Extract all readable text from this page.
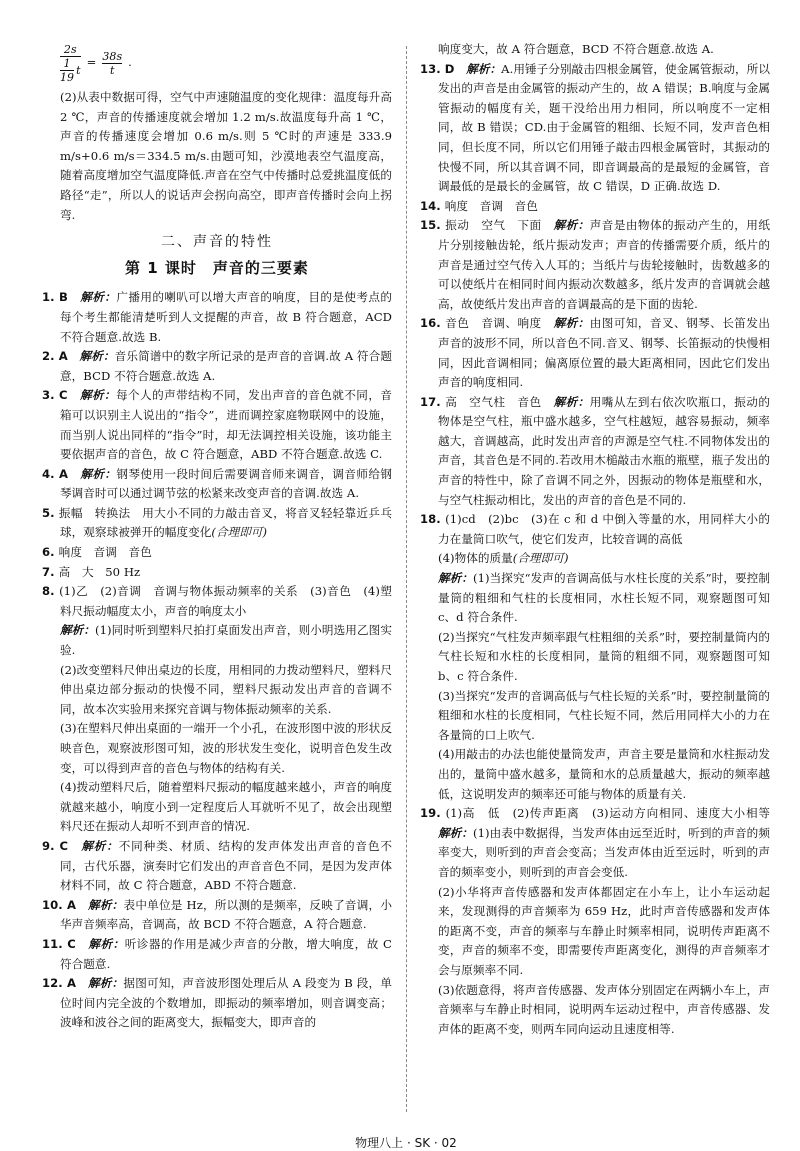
$\frac{2s}{\frac{1}{19} t} = \frac{38s}{t}$ .

(2)从表中数据可得，空气中声速随温度的变化规律：温度每升高 2 ℃，声音的传播速度就会增加 1.2 m/s.故温度每升高 1 ℃，声音的传播速度会增加 0.6 m/s.则 5 ℃时的声速是 333.9 m/s+0.6 m/s＝334.5 m/s.由题可知，沙漠地表空气温度高，随着高度增加空气温度降低.声音在空气中传播时总爱挑温度低的路径“走”，所以人的说话声会拐向高空，即声音传播时会向上拐弯.

二、声音的特性
第 1 课时　声音的三要素

1. B　 解析：广播用的喇叭可以增大声音的响度，目的是使考点的每个考生都能清楚听到人文提醒的声音，故 B 符合题意，ACD 不符合题意.故选 B.

2. A　 解析：音乐简谱中的数字所记录的是声音的音调.故 A 符合题意，BCD 不符合题意.故选 A.

3. C　 解析：每个人的声带结构不同，发出声音的音色就不同，音箱可以识别主人说出的“指令”，进而调控家庭物联网中的设施，而当别人说出同样的“指令”时，却无法调控相关设施，该功能主要依据声音的音色，故 C 符合题意，ABD 不符合题意.故选 C.

4. A　 解析：钢琴使用一段时间后需要调音师来调音，调音师给钢琴调音时可以通过调节弦的松紧来改变声音的音调.故选 A.

5. 振幅　转换法　用大小不同的力敲击音叉，将音叉轻轻靠近乒乓球，观察球被弹开的幅度变化(合理即可)

6. 响度　音调　音色

7. 高　大　50 Hz

8. (1)乙　(2)音调　音调与物体振动频率的关系　(3)音色　(4)塑料尺振动幅度太小，声音的响度太小

解析：(1)同时听到塑料尺拍打桌面发出声音，则小明选用乙图实验.

(2)改变塑料尺伸出桌边的长度，用相同的力拨动塑料尺，塑料尺伸出桌边部分振动的快慢不同，塑料尺振动发出声音的音调不同，故本次实验用来探究音调与物体振动频率的关系.

(3)在塑料尺伸出桌面的一端开一个小孔，在波形图中波的形状反映音色，观察波形图可知，波的形状发生变化，说明音色发生改变，可以得到声音的音色与物体的结构有关.

(4)拨动塑料尺后，随着塑料尺振动的幅度越来越小，声音的响度就越来越小，响度小到一定程度后人耳就听不见了，故会出现塑料尺还在振动人却听不到声音的情况.

9. C　 解析：不同种类、材质、结构的发声体发出声音的音色不同，古代乐器，演奏时它们发出的声音音色不同，是因为发声体材料不同，故 C 符合题意，ABD 不符合题意.

10. A　 解析：表中单位是 Hz，所以测的是频率，反映了音调，小华声音频率高，音调高，故 BCD 不符合题意，A 符合题意.

11. C　 解析：听诊器的作用是减少声音的分散，增大响度，故 C 符合题意.

12. A　 解析：据图可知，声音波形图处理后从 A 段变为 B 段，单位时间内完全波的个数增加，即振动的频率增加，则音调变高；波峰和波谷之间的距离变大，振幅变大，即声音的

响度变大，故 A 符合题意，BCD 不符合题意.故选 A.

13. D　 解析：A.用锤子分别敲击四根金属管，使金属管振动，所以发出的声音是由金属管的振动产生的，故 A 错误；B.响度与金属管振动的幅度有关，题干没给出用力相同，所以响度不一定相同，故 B 错误；CD.由于金属管的粗细、长短不同，发声音色相同，但长度不同，所以它们用锤子敲击四根金属管时，其振动的快慢不同，所以其音调不同，即音调最高的是最短的金属管，音调最低的是最长的金属管，故 C 错误，D 正确.故选 D.

14. 响度　音调　音色

15. 振动　空气　下面　 解析：声音是由物体的振动产生的，用纸片分别接触齿轮，纸片振动发声；声音的传播需要介质，纸片的声音是通过空气传入人耳的；当纸片与齿轮接触时，齿数越多的可以使纸片在相同时间内振动次数越多，纸片发声的音调就会越高，故使纸片发出声音的音调最高的是下面的齿轮.

16. 音色　音调、响度　 解析：由图可知，音叉、钢琴、长笛发出声音的波形不同，所以音色不同.音叉、钢琴、长笛振动的快慢相同，因此音调相同；偏离原位置的最大距离相同，因此它们发出声音的响度相同.

17. 高　空气柱　音色　 解析：用嘴从左到右依次吹瓶口，振动的物体是空气柱，瓶中盛水越多，空气柱越短，越容易振动，频率越大，音调越高，此时发出声音的声源是空气柱.不同物体发出的声音，其音色是不同的.若改用木槌敲击水瓶的瓶壁，瓶子发出的声音的特性中，除了音调不同之外，因振动的物体是瓶壁和水，与空气柱振动相比，发出的声音的音色是不同的.

18. (1)cd　(2)bc　(3)在 c 和 d 中倒入等量的水，用同样大小的力在量筒口吹气，使它们发声，比较音调的高低

(4)物体的质量(合理即可)

解析：(1)当探究“发声的音调高低与水柱长度的关系”时，要控制量筒的粗细和气柱的长度相同，水柱长短不同，观察题图可知 c、d 符合条件.

(2)当探究“气柱发声频率跟气柱粗细的关系”时，要控制量筒内的气柱长短和水柱的长度相同，量筒的粗细不同，观察题图可知 b、c 符合条件.

(3)当探究“发声的音调高低与气柱长短的关系”时，要控制量筒的粗细和水柱的长度相同，气柱长短不同，然后用同样大小的力在各量筒的口上吹气.

(4)用敲击的办法也能使量筒发声，声音主要是量筒和水柱振动发出的，量筒中盛水越多，量筒和水的总质量越大，振动的频率越低，这说明发声的频率还可能与物体的质量有关.

19. (1)高　低　(2)传声距离　(3)运动方向相同、速度大小相等　解析：(1)由表中数据得，当发声体由远至近时，听到的声音的频率变大，则听到的声音会变高；当发声体由近至远时，听到的声音的频率变小，则听到的声音会变低.

(2)小华将声音传感器和发声体都固定在小车上，让小车运动起来，发现测得的声音频率为 659 Hz，此时声音传感器和发声体的距离不变，声音的频率与车静止时频率相同，说明传声距离不变，声音的频率不变，即需要传声距离变化，测得的声音频率才会与原频率不同.

(3)依题意得，将声音传感器、发声体分别固定在两辆小车上，声音频率与车静止时相同，说明两车运动过程中，声音传感器、发声体的距离不变，则两车同向运动且速度相等.

物理八上 · SK · 02
